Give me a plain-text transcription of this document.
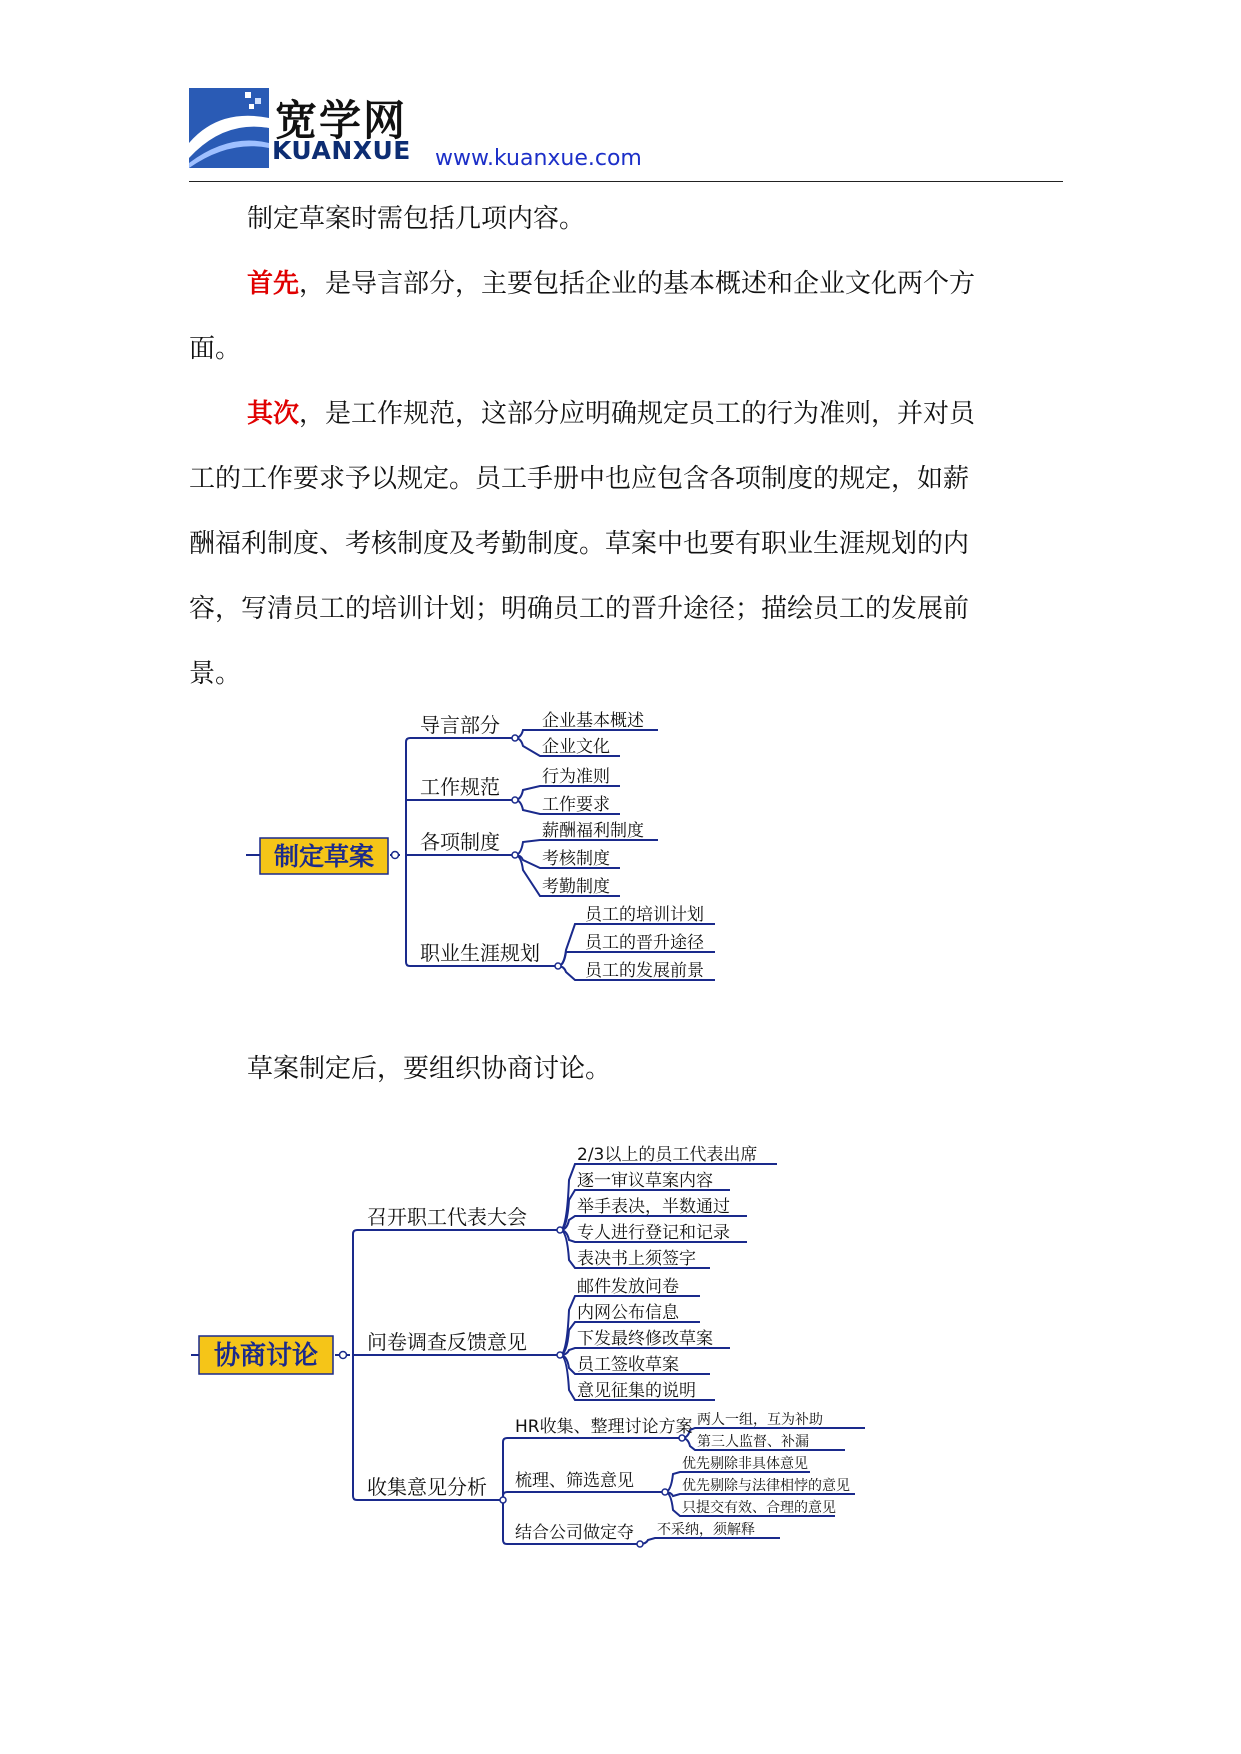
宽学网
KUANXUE www.kuanxue.com
制定草案时需包括几项内容。
首先，是导言部分，主要包括企业的基本概述和企业文化两个方
面。
其次，是工作规范，这部分应明确规定员工的行为准则，并对员
工的工作要求予以规定。员工手册中也应包含各项制度的规定，如薪
酬福利制度、考核制度及考勤制度。草案中也要有职业生涯规划的内
容，写清员工的培训计划；明确员工的晋升途径；描绘员工的发展前
景。
制定草案
导言部分
工作规范
各项制度
职业生涯规划
企业基本概述
企业文化
行为准则
工作要求
薪酬福利制度
考核制度
考勤制度
员工的培训计划
员工的晋升途径
员工的发展前景
草案制定后，要组织协商讨论。
协商讨论
召开职工代表大会
问卷调查反馈意见
收集意见分析
2/3以上的员工代表出席
逐一审议草案内容
举手表决，半数通过
专人进行登记和记录
表决书上须签字
邮件发放问卷
内网公布信息
下发最终修改草案
员工签收草案
意见征集的说明
HR收集、整理讨论方案
梳理、筛选意见
结合公司做定夺
两人一组，互为补助
第三人监督、补漏
优先剔除非具体意见
优先剔除与法律相悖的意见
只提交有效、合理的意见
不采纳，须解释
